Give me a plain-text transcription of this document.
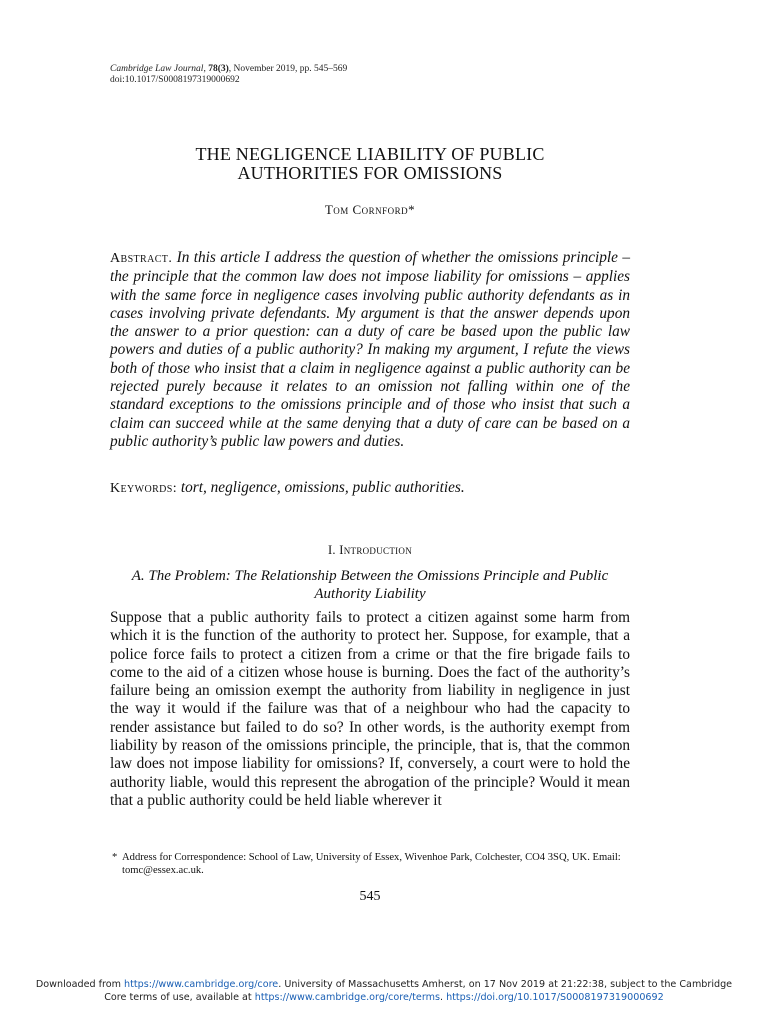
Cambridge Law Journal, 78(3), November 2019, pp. 545–569
doi:10.1017/S0008197319000692
THE NEGLIGENCE LIABILITY OF PUBLIC
AUTHORITIES FOR OMISSIONS
Tom Cornford*
Abstract. In this article I address the question of whether the omissions principle – the principle that the common law does not impose liability for omissions – applies with the same force in negligence cases involving public authority defendants as in cases involving private defendants. My argument is that the answer depends upon the answer to a prior question: can a duty of care be based upon the public law powers and duties of a public authority? In making my argument, I refute the views both of those who insist that a claim in negligence against a public authority can be rejected purely because it relates to an omission not falling within one of the standard exceptions to the omissions principle and of those who insist that such a claim can succeed while at the same denying that a duty of care can be based on a public authority’s public law powers and duties.
Keywords: tort, negligence, omissions, public authorities.
I. Introduction
A. The Problem: The Relationship Between the Omissions Principle and Public Authority Liability
Suppose that a public authority fails to protect a citizen against some harm from which it is the function of the authority to protect her. Suppose, for example, that a police force fails to protect a citizen from a crime or that the fire brigade fails to come to the aid of a citizen whose house is burning. Does the fact of the authority’s failure being an omission exempt the authority from liability in negligence in just the way it would if the failure was that of a neighbour who had the capacity to render assistance but failed to do so? In other words, is the authority exempt from liability by reason of the omissions principle, the principle, that is, that the common law does not impose liability for omissions? If, conversely, a court were to hold the authority liable, would this represent the abrogation of the principle? Would it mean that a public authority could be held liable wherever it
* Address for Correspondence: School of Law, University of Essex, Wivenhoe Park, Colchester, CO4 3SQ, UK. Email: tomc@essex.ac.uk.
545
Downloaded from https://www.cambridge.org/core. University of Massachusetts Amherst, on 17 Nov 2019 at 21:22:38, subject to the Cambridge
Core terms of use, available at https://www.cambridge.org/core/terms. https://doi.org/10.1017/S0008197319000692
